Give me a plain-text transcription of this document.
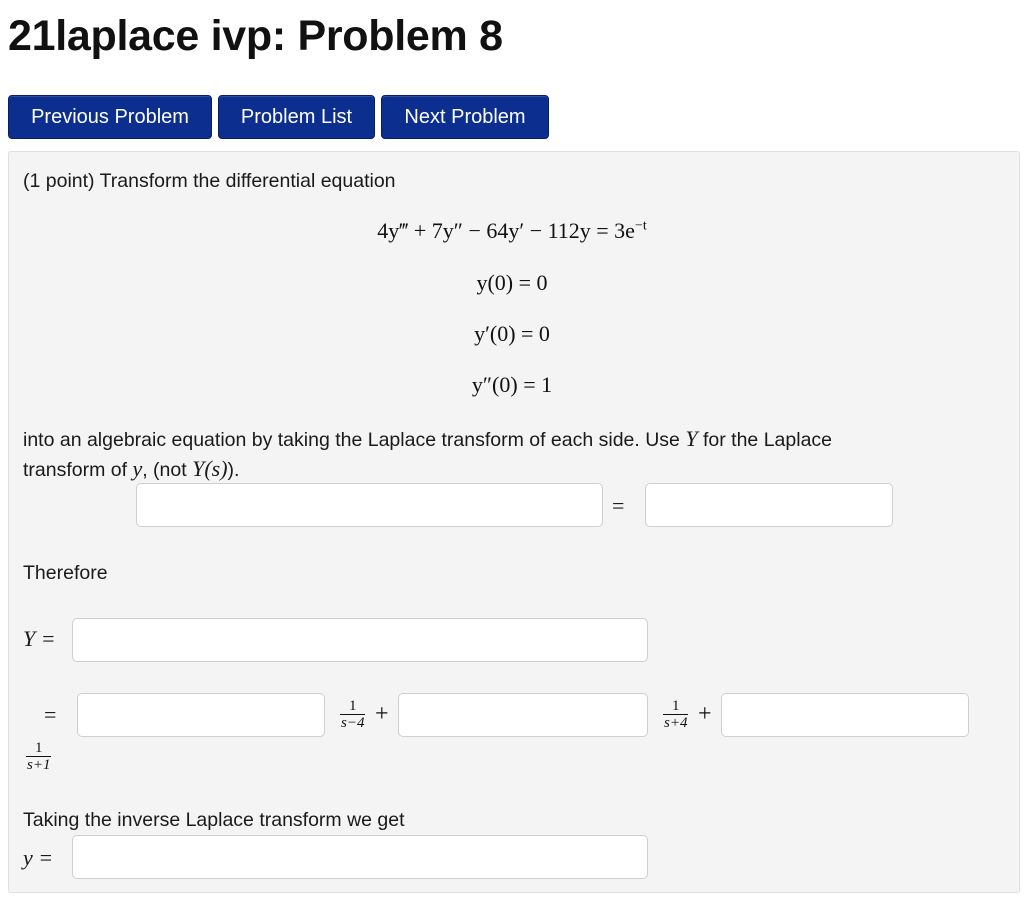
21laplace ivp: Problem 8
Previous Problem	Problem List	Next Problem
(1 point) Transform the differential equation
4y‴ + $7y'' - 64y' - 112y = 3e^{-t}$
y(0) = 0
y′(0) = 0
y″(0) = 1
into an algebraic equation by taking the Laplace transform of each side. Use Y for the Laplace
transform of y, (not Y(s)).
=
Therefore
Y =
=	$\frac{1}{s-4}$ +	$\frac{1}{s+4}$ +
$\frac{1}{s+1}$
Taking the inverse Laplace transform we get
y =
